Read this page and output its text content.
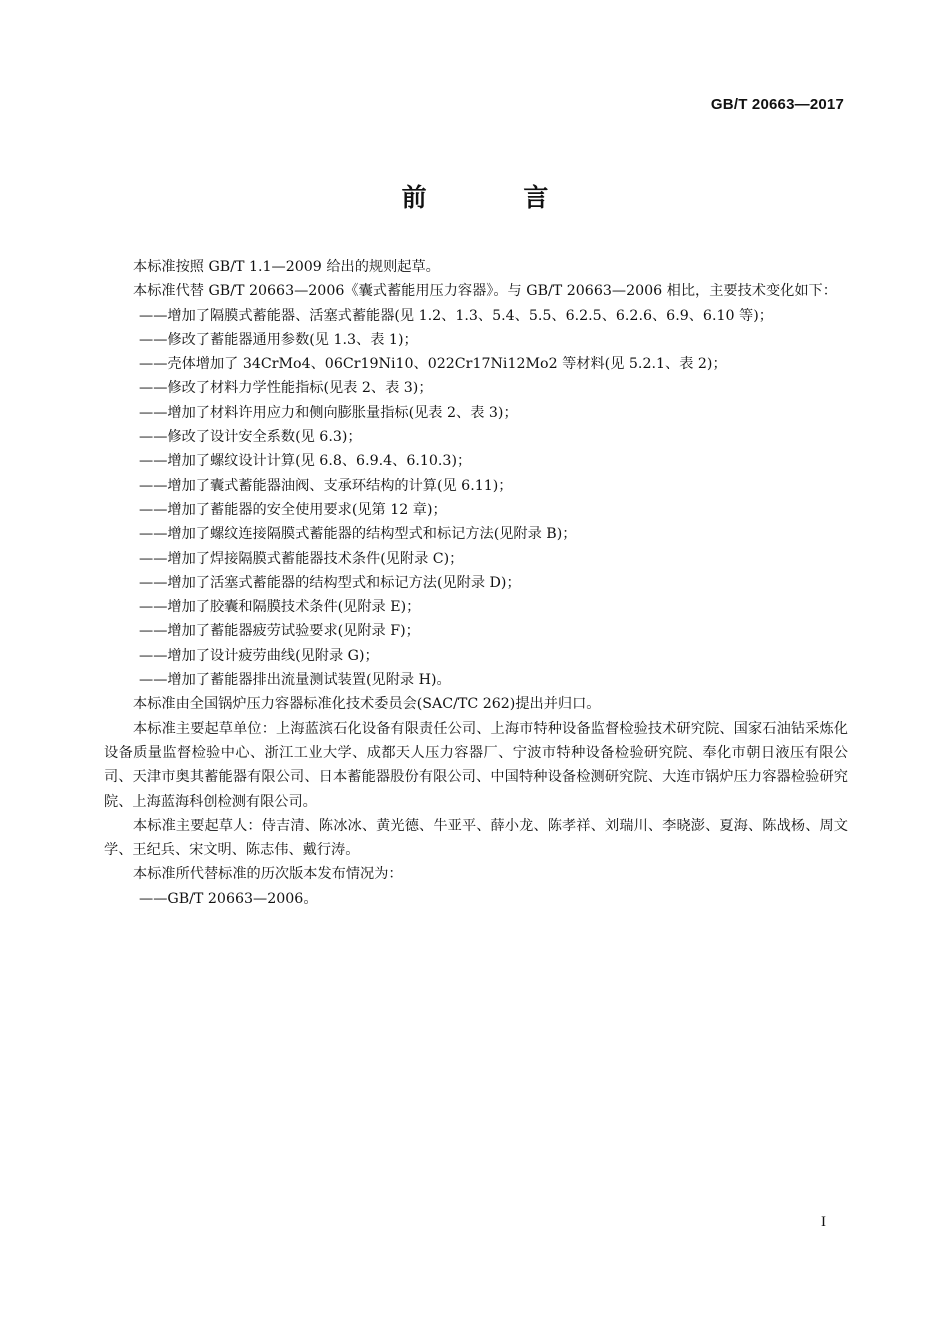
GB/T 20663—2017
前 言

本标准按照 GB/T 1.1—2009 给出的规则起草。

本标准代替 GB/T 20663—2006《囊式蓄能用压力容器》。与 GB/T 20663—2006 相比，主要技术变化如下：

——增加了隔膜式蓄能器、活塞式蓄能器(见 1.2、1.3、5.4、5.5、6.2.5、6.2.6、6.9、6.10 等)；

——修改了蓄能器通用参数(见 1.3、表 1)；

——壳体增加了 34CrMo4、06Cr19Ni10、022Cr17Ni12Mo2 等材料(见 5.2.1、表 2)；

——修改了材料力学性能指标(见表 2、表 3)；

——增加了材料许用应力和侧向膨胀量指标(见表 2、表 3)；

——修改了设计安全系数(见 6.3)；

——增加了螺纹设计计算(见 6.8、6.9.4、6.10.3)；

——增加了囊式蓄能器油阀、支承环结构的计算(见 6.11)；

——增加了蓄能器的安全使用要求(见第 12 章)；

——增加了螺纹连接隔膜式蓄能器的结构型式和标记方法(见附录 B)；

——增加了焊接隔膜式蓄能器技术条件(见附录 C)；

——增加了活塞式蓄能器的结构型式和标记方法(见附录 D)；

——增加了胶囊和隔膜技术条件(见附录 E)；

——增加了蓄能器疲劳试验要求(见附录 F)；

——增加了设计疲劳曲线(见附录 G)；

——增加了蓄能器排出流量测试装置(见附录 H)。

本标准由全国锅炉压力容器标准化技术委员会(SAC/TC 262)提出并归口。

本标准主要起草单位：上海蓝滨石化设备有限责任公司、上海市特种设备监督检验技术研究院、国家石油钻采炼化设备质量监督检验中心、浙江工业大学、成都天人压力容器厂、宁波市特种设备检验研究院、奉化市朝日液压有限公司、天津市奥其蓄能器有限公司、日本蓄能器股份有限公司、中国特种设备检测研究院、大连市锅炉压力容器检验研究院、上海蓝海科创检测有限公司。

本标准主要起草人：侍吉清、陈冰冰、黄光德、牛亚平、薛小龙、陈孝祥、刘瑞川、李晓澎、夏海、陈战杨、周文学、王纪兵、宋文明、陈志伟、戴行涛。

本标准所代替标准的历次版本发布情况为：

——GB/T 20663—2006。

I
